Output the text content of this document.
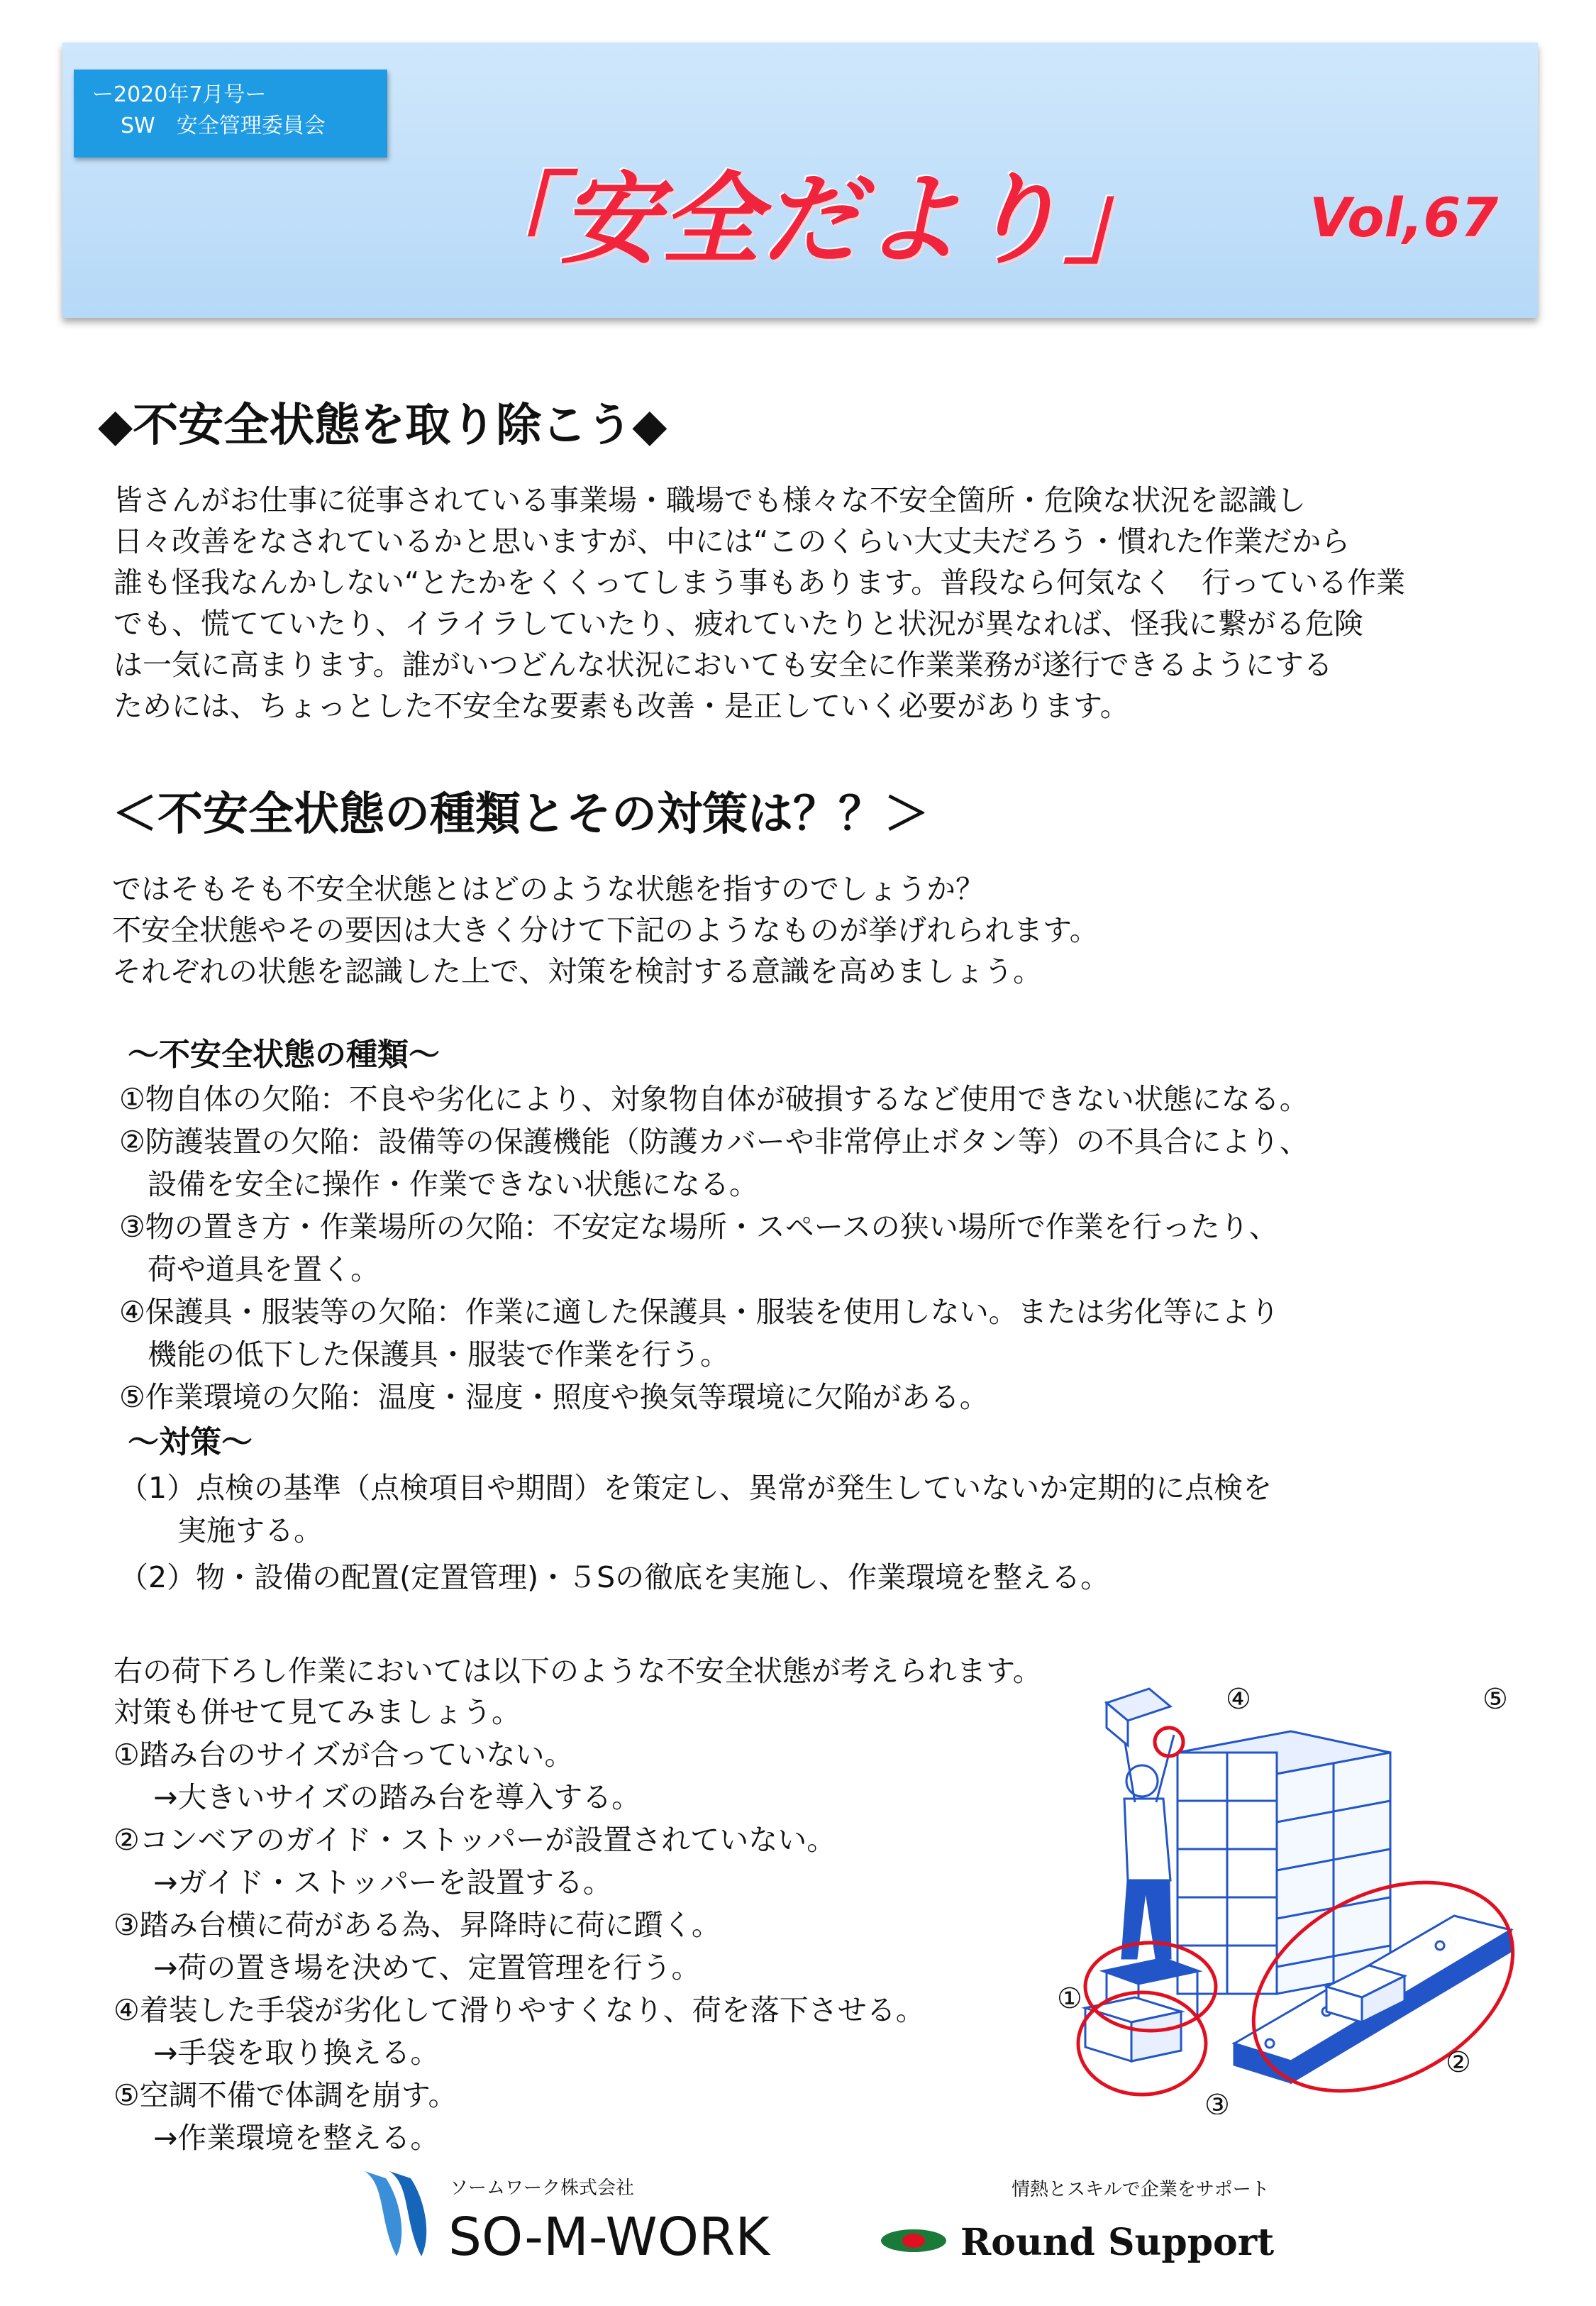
ー2020年7月号ー
SW　安全管理委員会
「安全だより」	Vol,67
◆不安全状態を取り除こう◆
皆さんがお仕事に従事されている事業場・職場でも様々な不安全箇所・危険な状況を認識し
日々改善をなされているかと思いますが、中には“このくらい大丈夫だろう・慣れた作業だから
誰も怪我なんかしない“とたかをくくってしまう事もあります。普段なら何気なく　行っている作業
でも、慌てていたり、イライラしていたり、疲れていたりと状況が異なれば、怪我に繋がる危険
は一気に高まります。誰がいつどんな状況においても安全に作業業務が遂行できるようにする
ためには、ちょっとした不安全な要素も改善・是正していく必要があります。
＜不安全状態の種類とその対策は？？＞
ではそもそも不安全状態とはどのような状態を指すのでしょうか？
不安全状態やその要因は大きく分けて下記のようなものが挙げれられます。
それぞれの状態を認識した上で、対策を検討する意識を高めましょう。
～不安全状態の種類～
①物自体の欠陥：不良や劣化により、対象物自体が破損するなど使用できない状態になる。
②防護装置の欠陥：設備等の保護機能（防護カバーや非常停止ボタン等）の不具合により、
設備を安全に操作・作業できない状態になる。
③物の置き方・作業場所の欠陥：不安定な場所・スペースの狭い場所で作業を行ったり、
荷や道具を置く。
④保護具・服装等の欠陥：作業に適した保護具・服装を使用しない。または劣化等により
機能の低下した保護具・服装で作業を行う。
⑤作業環境の欠陥：温度・湿度・照度や換気等環境に欠陥がある。
～対策～
（1）点検の基準（点検項目や期間）を策定し、異常が発生していないか定期的に点検を
実施する。
（2）物・設備の配置(定置管理)・５Sの徹底を実施し、作業環境を整える。
右の荷下ろし作業においては以下のような不安全状態が考えられます。
対策も併せて見てみましょう。
①踏み台のサイズが合っていない。
→大きいサイズの踏み台を導入する。
②コンベアのガイド・ストッパーが設置されていない。
→ガイド・ストッパーを設置する。
③踏み台横に荷がある為、昇降時に荷に躓く。
→荷の置き場を決めて、定置管理を行う。
④着装した手袋が劣化して滑りやすくなり、荷を落下させる。
→手袋を取り換える。
⑤空調不備で体調を崩す。
→作業環境を整える。
④	⑤
①
②
③
ソームワーク株式会社
SO-M-WORK
情熱とスキルで企業をサポート
Round Support
